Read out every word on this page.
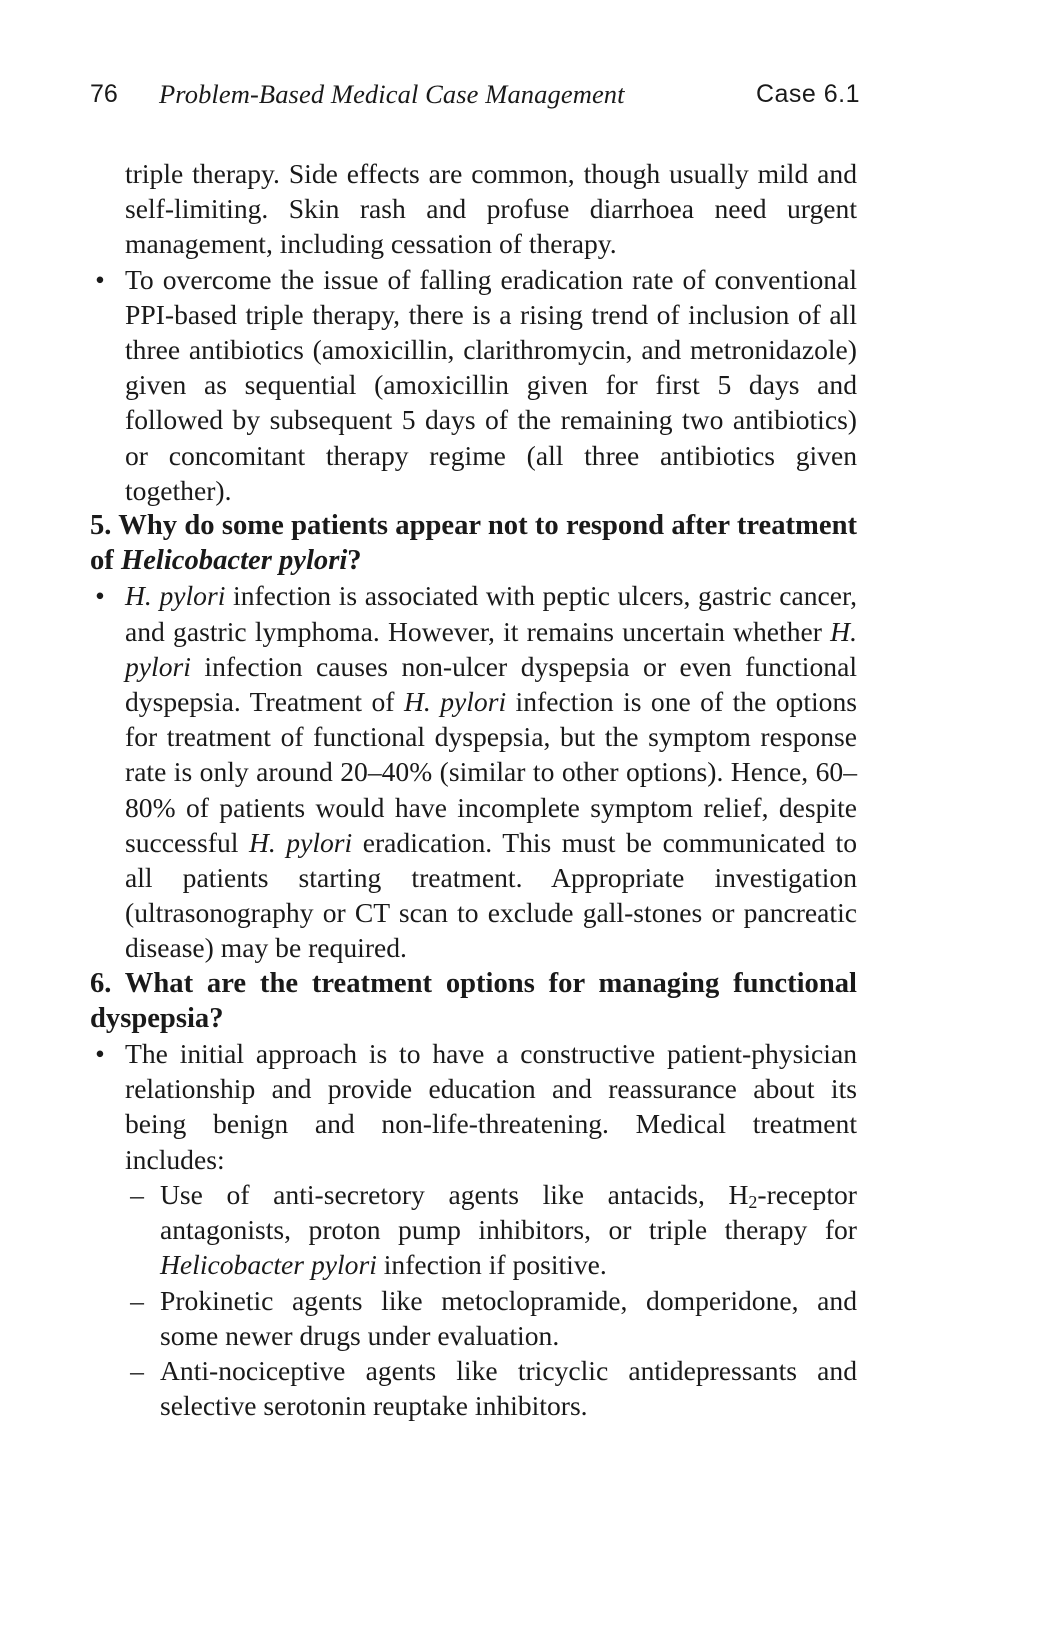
76 Problem-Based Medical Case Management	Case 6.1
triple therapy. Side effects are common, though usually mild and self-limiting. Skin rash and profuse diarrhoea need urgent management, including cessation of therapy.
• To overcome the issue of falling eradication rate of conventional PPI-based triple therapy, there is a rising trend of inclusion of all three antibiotics (amoxicillin, clarithromycin, and metronidazole) given as sequential (amoxicillin given for first 5 days and followed by subsequent 5 days of the remaining two antibiotics) or concomitant therapy regime (all three antibiotics given together).
5. Why do some patients appear not to respond after treatment of Helicobacter pylori?
• H. pylori infection is associated with peptic ulcers, gastric cancer, and gastric lymphoma. However, it remains uncertain whether H. pylori infection causes non-ulcer dyspepsia or even functional dyspepsia. Treatment of H. pylori infection is one of the options for treatment of functional dyspepsia, but the symptom response rate is only around 20–40% (similar to other options). Hence, 60–80% of patients would have incomplete symptom relief, despite successful H. pylori eradication. This must be communicated to all patients starting treatment. Appropriate investigation (ultrasonography or CT scan to exclude gall-stones or pancreatic disease) may be required.
6. What are the treatment options for managing functional dyspepsia?
• The initial approach is to have a constructive patient-physician relationship and provide education and reassurance about its being benign and non-life-threatening. Medical treatment includes:
– Use of anti-secretory agents like antacids, $H_2$-receptor antagonists, proton pump inhibitors, or triple therapy for Helicobacter pylori infection if positive.
– Prokinetic agents like metoclopramide, domperidone, and some newer drugs under evaluation.
– Anti-nociceptive agents like tricyclic antidepressants and selective serotonin reuptake inhibitors.
